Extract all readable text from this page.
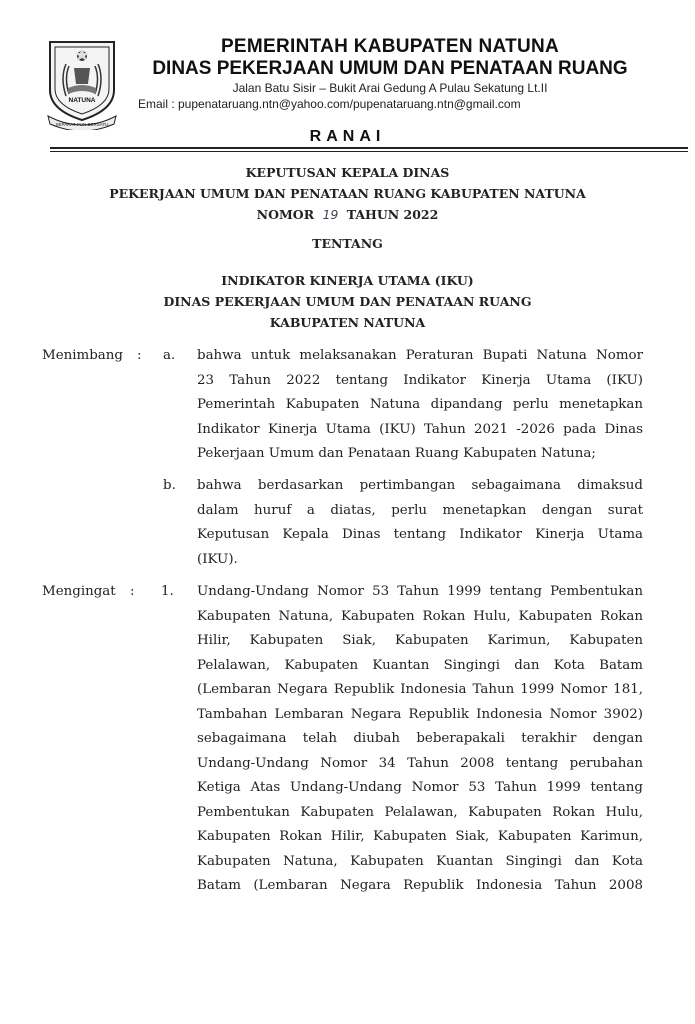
NATUNA
SEPAKAT PUN BERSATU
PEMERINTAH KABUPATEN NATUNA
DINAS PEKERJAAN UMUM DAN PENATAAN RUANG
Jalan Batu Sisir – Bukit Arai Gedung A Pulau Sekatung Lt.II
Email : pupenataruang.ntn@yahoo.com/pupenataruang.ntn@gmail.com
RANAI
KEPUTUSAN KEPALA DINAS
PEKERJAAN UMUM DAN PENATAAN RUANG KABUPATEN NATUNA
NOMOR 19 TAHUN 2022
TENTANG
INDIKATOR KINERJA UTAMA (IKU)
DINAS PEKERJAAN UMUM DAN PENATAAN RUANG
KABUPATEN NATUNA
Menimbang : a. bahwa untuk melaksanakan Peraturan Bupati Natuna Nomor
23 Tahun 2022 tentang Indikator Kinerja Utama (IKU)
Pemerintah Kabupaten Natuna dipandang perlu menetapkan
Indikator Kinerja Utama (IKU) Tahun 2021 -2026 pada Dinas
Pekerjaan Umum dan Penataan Ruang Kabupaten Natuna;
b. bahwa berdasarkan pertimbangan sebagaimana dimaksud
dalam huruf a diatas, perlu menetapkan dengan surat
Keputusan Kepala Dinas tentang Indikator Kinerja Utama
(IKU).
Mengingat : 1. Undang-Undang Nomor 53 Tahun 1999 tentang Pembentukan
Kabupaten Natuna, Kabupaten Rokan Hulu, Kabupaten Rokan
Hilir, Kabupaten Siak, Kabupaten Karimun, Kabupaten
Pelalawan, Kabupaten Kuantan Singingi dan Kota Batam
(Lembaran Negara Republik Indonesia Tahun 1999 Nomor 181,
Tambahan Lembaran Negara Republik Indonesia Nomor 3902)
sebagaimana telah diubah beberapakali terakhir dengan
Undang-Undang Nomor 34 Tahun 2008 tentang perubahan
Ketiga Atas Undang-Undang Nomor 53 Tahun 1999 tentang
Pembentukan Kabupaten Pelalawan, Kabupaten Rokan Hulu,
Kabupaten Rokan Hilir, Kabupaten Siak, Kabupaten Karimun,
Kabupaten Natuna, Kabupaten Kuantan Singingi dan Kota
Batam (Lembaran Negara Republik Indonesia Tahun 2008
